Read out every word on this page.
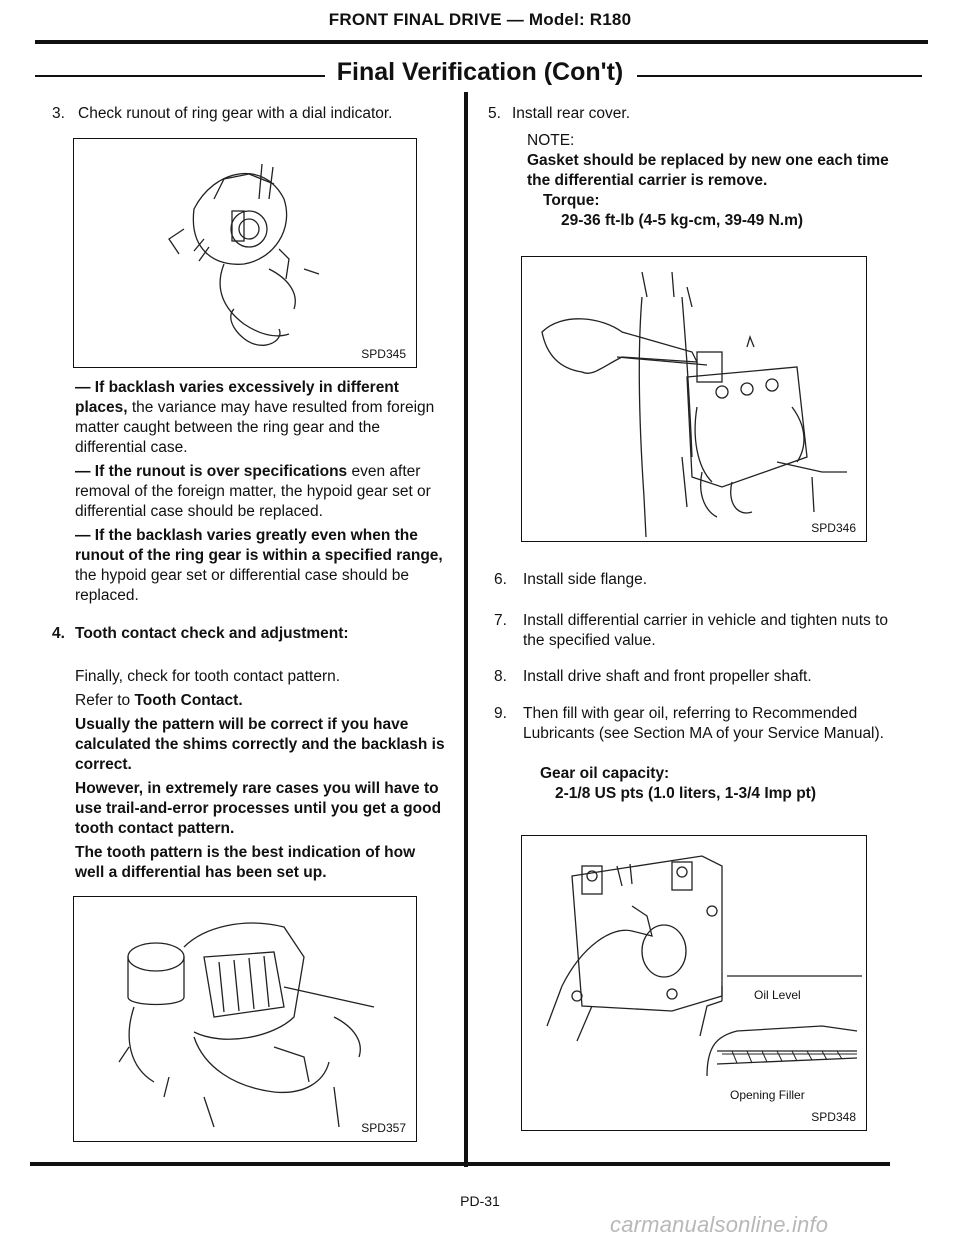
FRONT FINAL DRIVE — Model: R180
Final Verification (Con't)
3. Check runout of ring gear with a dial indicator.
SPD345
— If backlash varies excessively in different places, the variance may have resulted from foreign matter caught between the ring gear and the differential case.
— If the runout is over specifications even after removal of the foreign matter, the hypoid gear set or differential case should be replaced.
— If the backlash varies greatly even when the runout of the ring gear is within a specified range, the hypoid gear set or differential case should be replaced.
4. Tooth contact check and adjustment:
Finally, check for tooth contact pattern.
Refer to Tooth Contact.
Usually the pattern will be correct if you have calculated the shims correctly and the backlash is correct.
However, in extremely rare cases you will have to use trail-and-error processes until you get a good tooth contact pattern.
The tooth pattern is the best indication of how well a differential has been set up.
SPD357
5. Install rear cover.
NOTE:
Gasket should be replaced by new one each time the differential carrier is remove.
Torque:
29-36 ft-lb (4-5 kg-cm, 39-49 N.m)
SPD346
6.	Install side flange.
7.	Install differential carrier in vehicle and tighten nuts to the specified value.
8.	Install drive shaft and front propeller shaft.
9.	Then fill with gear oil, referring to Recommended Lubricants (see Section MA of your Service Manual).
Gear oil capacity:
2-1/8 US pts (1.0 liters, 1-3/4 Imp pt)
Oil Level
Opening Filler
SPD348
PD-31
carmanualsonline.info
